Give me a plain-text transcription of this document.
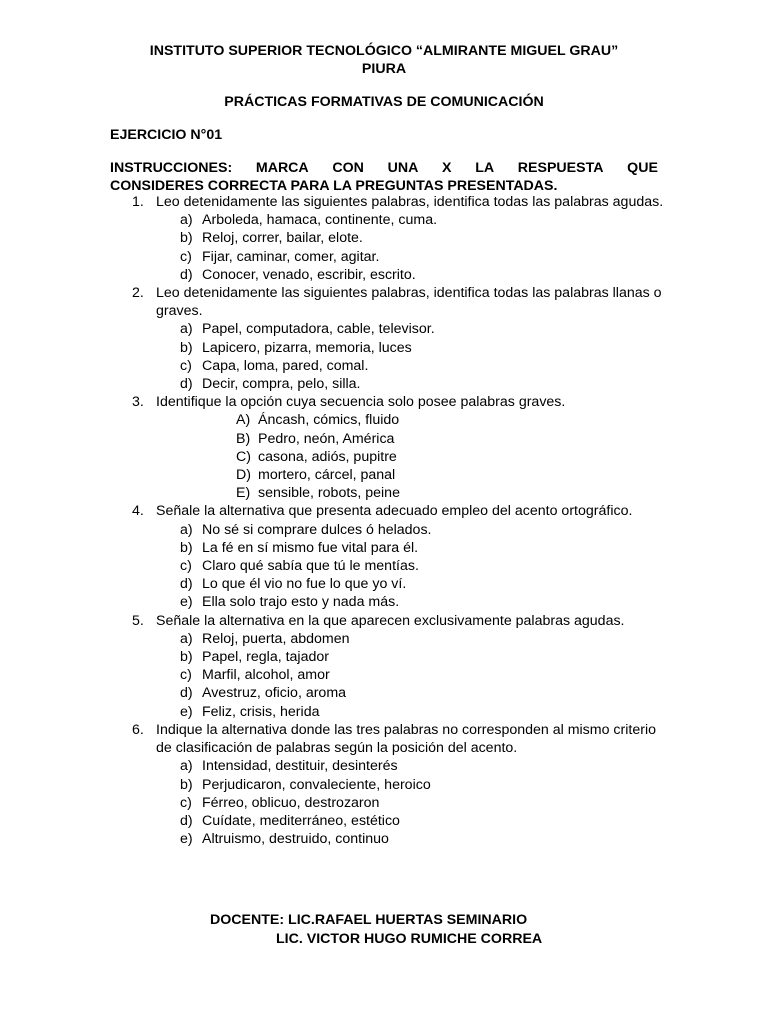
INSTITUTO SUPERIOR TECNOLÓGICO “ALMIRANTE MIGUEL GRAU”
PIURA
PRÁCTICAS FORMATIVAS DE COMUNICACIÓN
EJERCICIO N°01
INSTRUCCIONES: MARCA CON UNA X LA RESPUESTA QUE
CONSIDERES CORRECTA PARA LA PREGUNTAS PRESENTADAS.
1. Leo detenidamente las siguientes palabras, identifica todas las palabras agudas.
a) Arboleda, hamaca, continente, cuma.
b) Reloj, correr, bailar, elote.
c) Fijar, caminar, comer, agitar.
d) Conocer, venado, escribir, escrito.
2. Leo detenidamente las siguientes palabras, identifica todas las palabras llanas o graves.
a) Papel, computadora, cable, televisor.
b) Lapicero, pizarra, memoria, luces
c) Capa, loma, pared, comal.
d) Decir, compra, pelo, silla.
3. Identifique la opción cuya secuencia solo posee palabras graves.
A) Áncash, cómics, fluido
B) Pedro, neón, América
C) casona, adiós, pupitre
D) mortero, cárcel, panal
E) sensible, robots, peine
4. Señale la alternativa que presenta adecuado empleo del acento ortográfico.
a) No sé si comprare dulces ó helados.
b) La fé en sí mismo fue vital para él.
c) Claro qué sabía que tú le mentías.
d) Lo que él vio no fue lo que yo ví.
e) Ella solo trajo esto y nada más.
5. Señale la alternativa en la que aparecen exclusivamente palabras agudas.
a) Reloj, puerta, abdomen
b) Papel, regla, tajador
c) Marfil, alcohol, amor
d) Avestruz, oficio, aroma
e) Feliz, crisis, herida
6. Indique la alternativa donde las tres palabras no corresponden al mismo criterio de clasificación de palabras según la posición del acento.
a) Intensidad, destituir, desinterés
b) Perjudicaron, convaleciente, heroico
c) Férreo, oblicuo, destrozaron
d) Cuídate, mediterráneo, estético
e) Altruismo, destruido, continuo
DOCENTE: LIC.RAFAEL HUERTAS SEMINARIO
LIC. VICTOR HUGO RUMICHE CORREA
